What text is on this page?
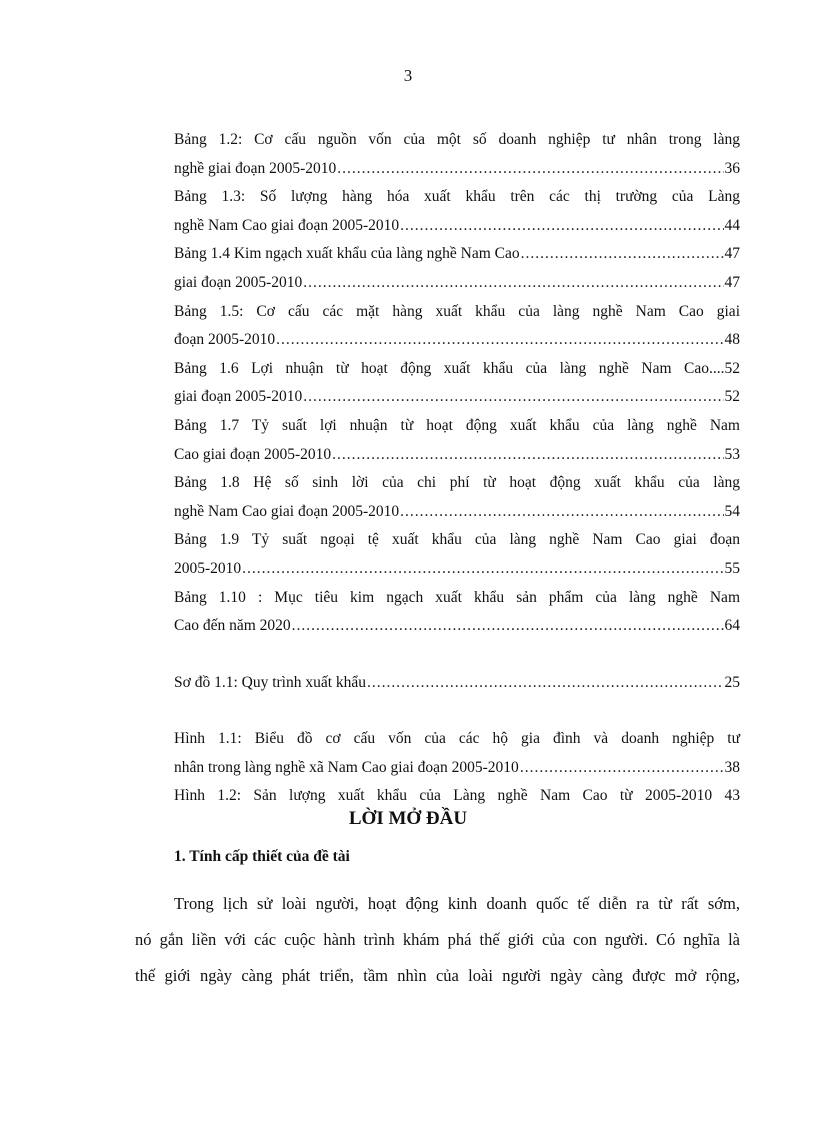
3
Bảng 1.2: Cơ cấu nguồn vốn của một số doanh nghiệp tư nhân trong làng
nghề giai đoạn 2005-2010 .....	36
Bảng 1.3: Số lượng hàng hóa xuất khẩu trên các thị trường của Làng
nghề Nam Cao giai đoạn 2005-2010 .....	44
Bảng 1.4 Kim ngạch xuất khẩu của làng nghề Nam Cao .....	47
giai đoạn 2005-2010 .....	47
Bảng 1.5: Cơ cấu các mặt hàng xuất khẩu của làng nghề Nam Cao giai
đoạn 2005-2010 .....	48
Bảng 1.6 Lợi nhuận từ hoạt động xuất khẩu của làng nghề Nam Cao....52
giai đoạn 2005-2010 .....	52
Bảng 1.7 Tỷ suất lợi nhuận từ hoạt động xuất khẩu của làng nghề Nam
Cao giai đoạn 2005-2010 .....	53
Bảng 1.8 Hệ số sinh lời của chi phí từ hoạt động xuất khẩu của làng
nghề Nam Cao giai đoạn 2005-2010 .....	54
Bảng 1.9 Tỷ suất ngoại tệ xuất khẩu của làng nghề Nam Cao giai đoạn
2005-2010 .....	55
Bảng 1.10 : Mục tiêu kim ngạch xuất khẩu sản phẩm của làng nghề Nam
Cao đến năm 2020 .....	64
Sơ đồ 1.1: Quy trình xuất khẩu .....	25
Hình 1.1: Biểu đồ cơ cấu vốn của các hộ gia đình và doanh nghiệp tư
nhân trong làng nghề xã Nam Cao giai đoạn 2005-2010 .....	38
Hình 1.2: Sản lượng xuất khẩu của Làng nghề Nam Cao từ 2005-2010 43
LỜI MỞ ĐẦU
1. Tính cấp thiết của đề tài
Trong lịch sử loài người, hoạt động kinh doanh quốc tế diễn ra từ rất sớm,
nó gắn liền với các cuộc hành trình khám phá thế giới của con người. Có nghĩa là
thế giới ngày càng phát triển, tầm nhìn của loài người ngày càng được mở rộng,
